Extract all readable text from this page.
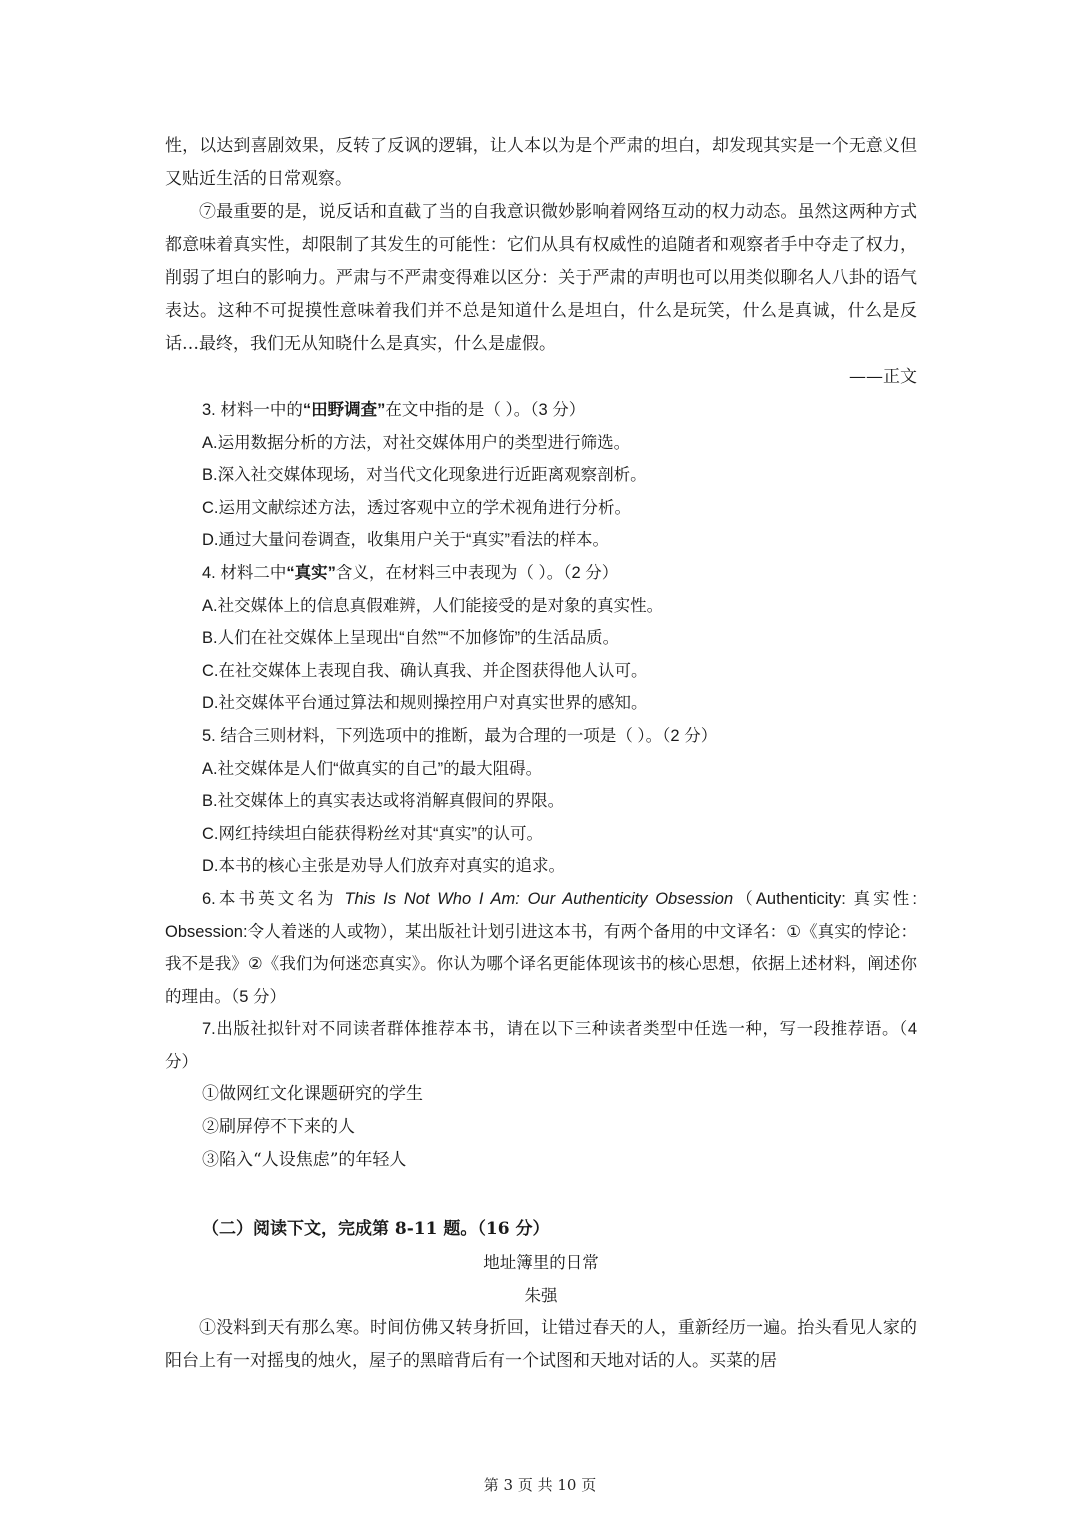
性，以达到喜剧效果，反转了反讽的逻辑，让人本以为是个严肃的坦白，却发现其实是一个无意义但又贴近生活的日常观察。

⑦最重要的是，说反话和直截了当的自我意识微妙影响着网络互动的权力动态。虽然这两种方式都意味着真实性，却限制了其发生的可能性：它们从具有权威性的追随者和观察者手中夺走了权力，削弱了坦白的影响力。严肃与不严肃变得难以区分：关于严肃的声明也可以用类似聊名人八卦的语气表达。这种不可捉摸性意味着我们并不总是知道什么是坦白，什么是玩笑，什么是真诚，什么是反话…最终，我们无从知晓什么是真实，什么是虚假。

——正文

3. 材料一中的“田野调查”在文中指的是（ ）。（3 分）

A.运用数据分析的方法，对社交媒体用户的类型进行筛选。

B.深入社交媒体现场，对当代文化现象进行近距离观察剖析。

C.运用文献综述方法，透过客观中立的学术视角进行分析。

D.通过大量问卷调查，收集用户关于“真实”看法的样本。

4. 材料二中“真实”含义，在材料三中表现为（ ）。（2 分）

A.社交媒体上的信息真假难辨，人们能接受的是对象的真实性。

B.人们在社交媒体上呈现出“自然”“不加修饰”的生活品质。

C.在社交媒体上表现自我、确认真我、并企图获得他人认可。

D.社交媒体平台通过算法和规则操控用户对真实世界的感知。

5. 结合三则材料，下列选项中的推断，最为合理的一项是（ ）。（2 分）

A.社交媒体是人们“做真实的自己”的最大阻碍。

B.社交媒体上的真实表达或将消解真假间的界限。

C.网红持续坦白能获得粉丝对其“真实”的认可。

D.本书的核心主张是劝导人们放弃对真实的追求。

6.本书英文名为 This Is Not Who I Am: Our Authenticity Obsession（Authenticity: 真实性: Obsession:令人着迷的人或物），某出版社计划引进这本书，有两个备用的中文译名：①《真实的悖论：我不是我》②《我们为何迷恋真实》。你认为哪个译名更能体现该书的核心思想，依据上述材料，阐述你的理由。（5 分）

7.出版社拟针对不同读者群体推荐本书，请在以下三种读者类型中任选一种，写一段推荐语。（4 分）

①做网红文化课题研究的学生

②刷屏停不下来的人

③陷入“人设焦虑”的年轻人

（二）阅读下文，完成第 8-11 题。（16 分）

地址簿里的日常

朱强

①没料到天有那么寒。时间仿佛又转身折回，让错过春天的人，重新经历一遍。抬头看见人家的阳台上有一对摇曳的烛火，屋子的黑暗背后有一个试图和天地对话的人。买菜的居

第 3 页 共 10 页
